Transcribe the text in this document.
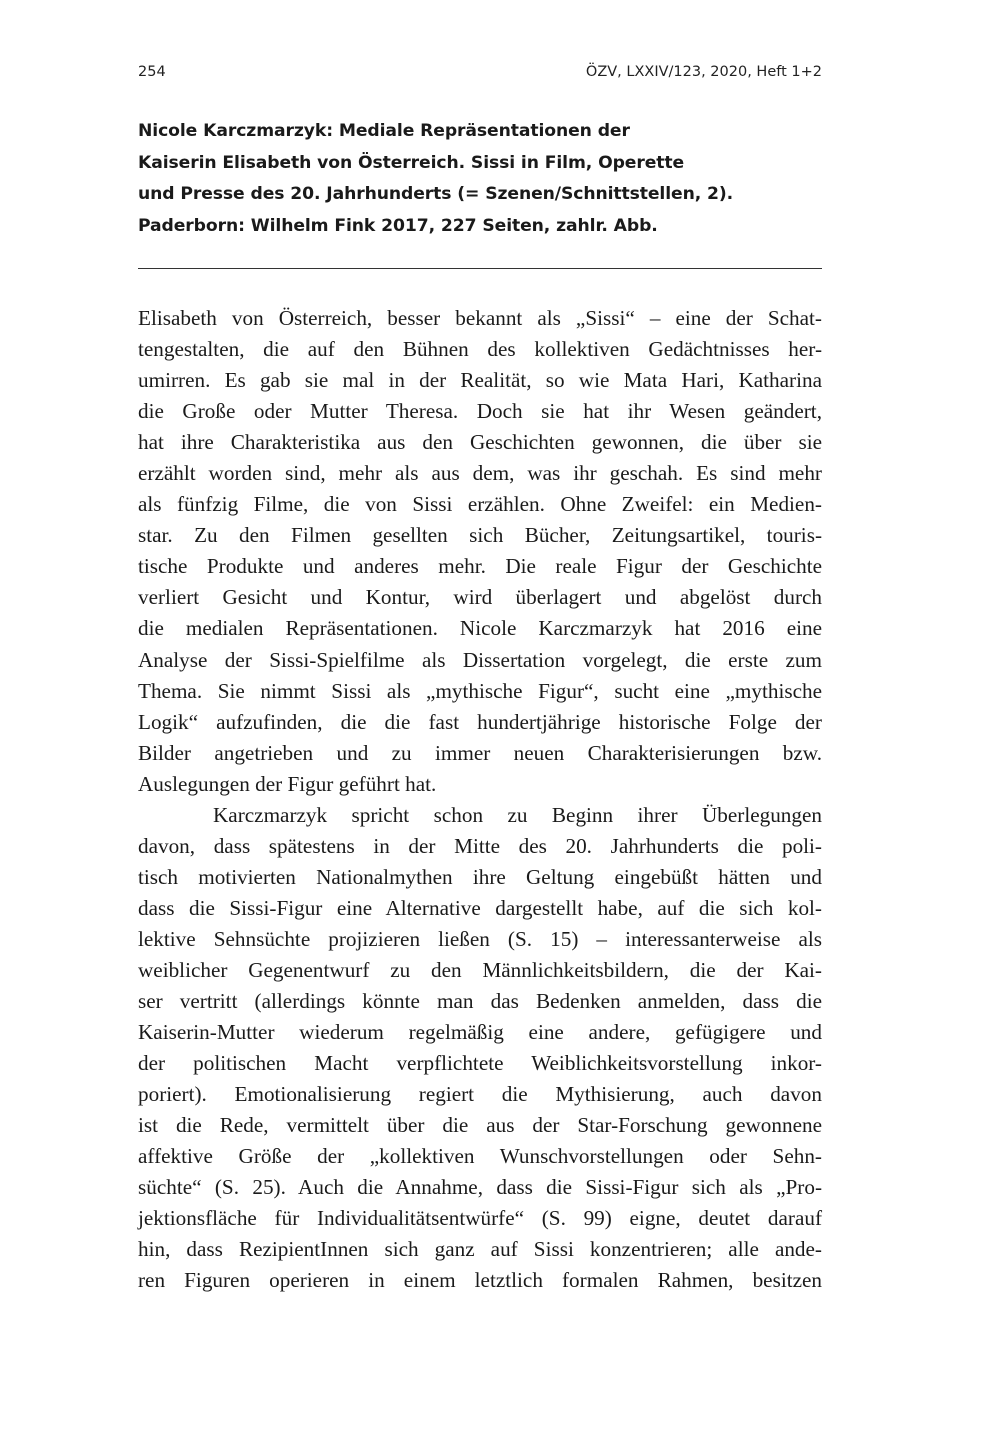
254	ÖZV, LXXIV/123, 2020, Heft 1+2
Nicole Karczmarzyk: Mediale Repräsentationen der
Kaiserin Elisabeth von Österreich. Sissi in Film, Operette
und Presse des 20. Jahrhunderts (= Szenen/Schnittstellen, 2).
Paderborn: Wilhelm Fink 2017, 227 Seiten, zahlr. Abb.
Elisabeth von Österreich, besser bekannt als „Sissi“ – eine der Schat-
tengestalten, die auf den Bühnen des kollektiven Gedächtnisses her-
umirren. Es gab sie mal in der Realität, so wie Mata Hari, Katharina
die Große oder Mutter Theresa. Doch sie hat ihr Wesen geändert,
hat ihre Charakteristika aus den Geschichten gewonnen, die über sie
erzählt worden sind, mehr als aus dem, was ihr geschah. Es sind mehr
als fünfzig Filme, die von Sissi erzählen. Ohne Zweifel: ein Medien-
star. Zu den Filmen gesellten sich Bücher, Zeitungsartikel, touris-
tische Produkte und anderes mehr. Die reale Figur der Geschichte
verliert Gesicht und Kontur, wird überlagert und abgelöst durch
die medialen Repräsentationen. Nicole Karczmarzyk hat 2016 eine
Analyse der Sissi-Spielfilme als Dissertation vorgelegt, die erste zum
Thema. Sie nimmt Sissi als „mythische Figur“, sucht eine „mythische
Logik“ aufzufinden, die die fast hundertjährige historische Folge der
Bilder angetrieben und zu immer neuen Charakterisierungen bzw.
Auslegungen der Figur geführt hat.
Karczmarzyk spricht schon zu Beginn ihrer Überlegungen
davon, dass spätestens in der Mitte des 20. Jahrhunderts die poli-
tisch motivierten Nationalmythen ihre Geltung eingebüßt hätten und
dass die Sissi-Figur eine Alternative dargestellt habe, auf die sich kol-
lektive Sehnsüchte projizieren ließen (S. 15) – interessanterweise als
weiblicher Gegenentwurf zu den Männlichkeitsbildern, die der Kai-
ser vertritt (allerdings könnte man das Bedenken anmelden, dass die
Kaiserin-Mutter wiederum regelmäßig eine andere, gefügigere und
der politischen Macht verpflichtete Weiblichkeitsvorstellung inkor-
poriert). Emotionalisierung regiert die Mythisierung, auch davon
ist die Rede, vermittelt über die aus der Star-Forschung gewonnene
affektive Größe der „kollektiven Wunschvorstellungen oder Sehn-
süchte“ (S. 25). Auch die Annahme, dass die Sissi-Figur sich als „Pro-
jektionsfläche für Individualitätsentwürfe“ (S. 99) eigne, deutet darauf
hin, dass RezipientInnen sich ganz auf Sissi konzentrieren; alle ande-
ren Figuren operieren in einem letztlich formalen Rahmen, besitzen
